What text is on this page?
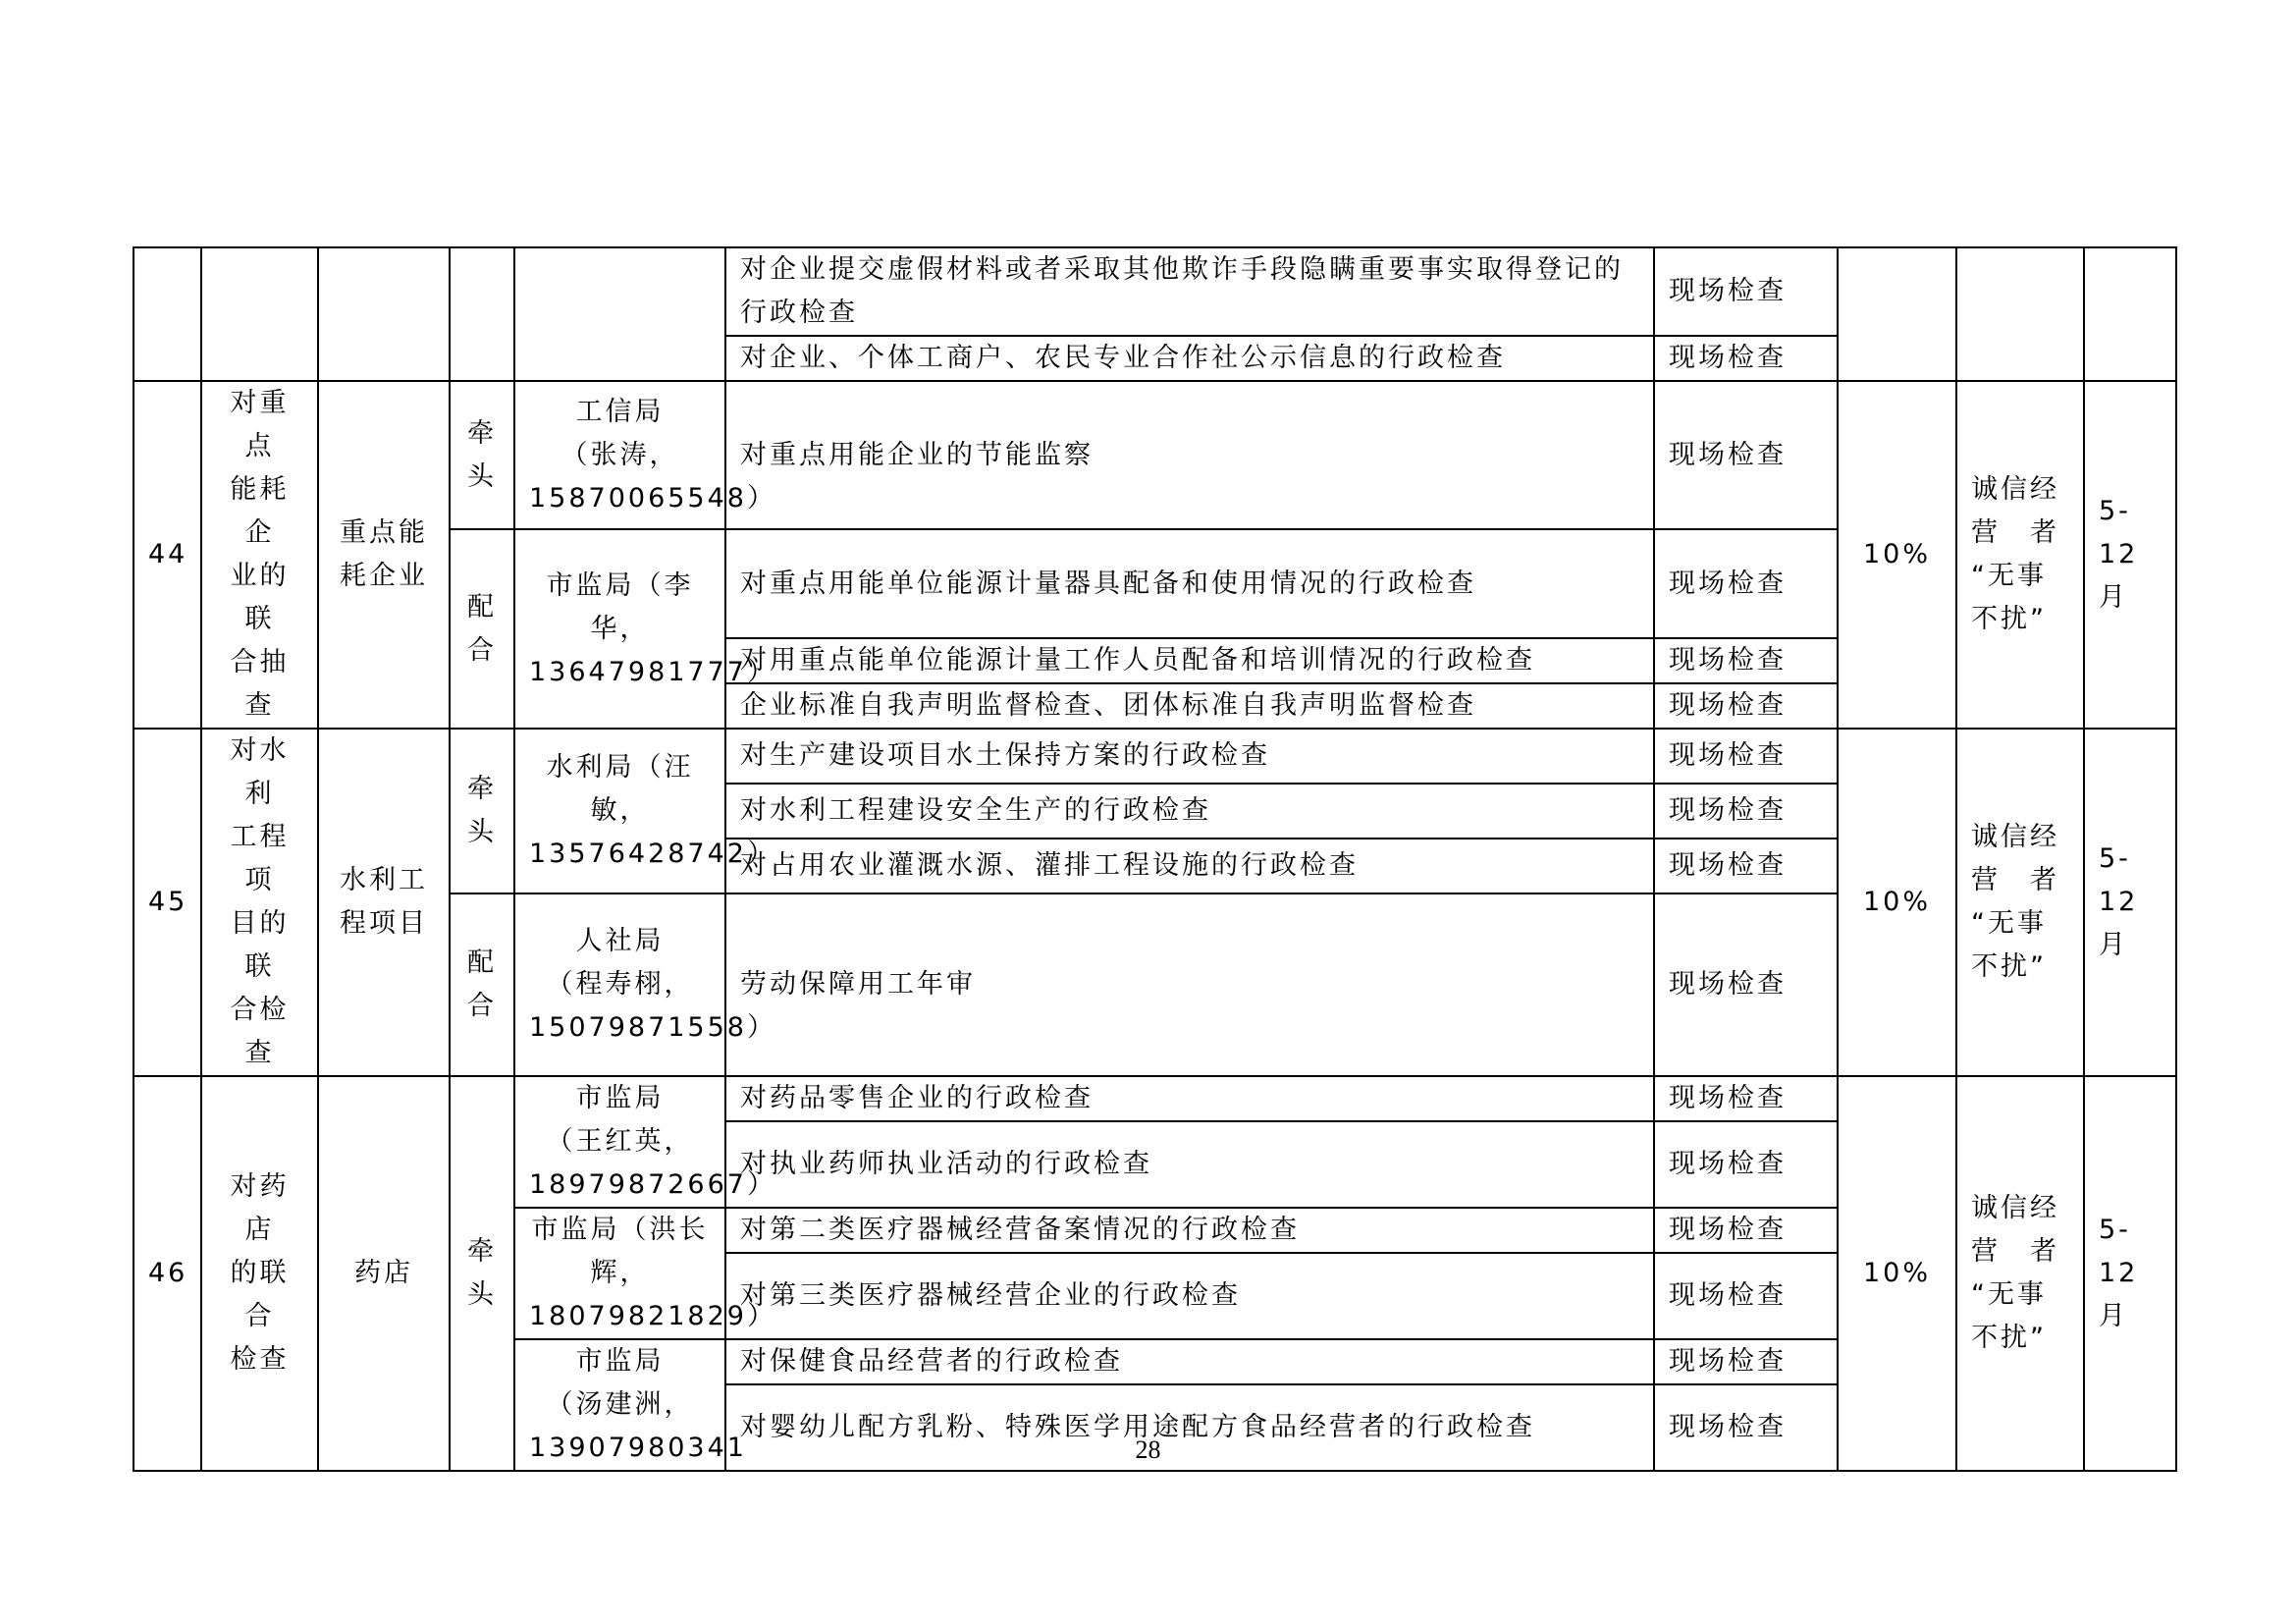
					对企业提交虚假材料或者采取其他欺诈手段隐瞒重要事实取得登记的行政检查	现场检查			
					对企业、个体工商户、农民专业合作社公示信息的行政检查	现场检查			
44	对重点
能耗企
业的联
合抽查	重点能
耗企业	牵
头	工信局
（张涛，
15870065548）	对重点用能企业的节能监察	现场检查	10%	诚信经
营　者
“无事
不扰”	5-12
月
			配
合	市监局（李华，
13647981777）	对重点用能单位能源计量器具配备和使用情况的行政检查	现场检查			
					对用重点能单位能源计量工作人员配备和培训情况的行政检查	现场检查			
					企业标准自我声明监督检查、团体标准自我声明监督检查	现场检查			
45	对水利
工程项
目的联
合检查	水利工
程项目	牵
头	水利局（汪敏，
13576428742）	对生产建设项目水土保持方案的行政检查	现场检查	10%	诚信经
营　者
“无事
不扰”	5-12
月
					对水利工程建设安全生产的行政检查	现场检查			
					对占用农业灌溉水源、灌排工程设施的行政检查	现场检查			
			配
合	人社局
（程寿栩，
15079871558）	劳动保障用工年审	现场检查			
46	对药店
的联合
检查	药店	牵
头	市监局
（王红英，
18979872667）	对药品零售企业的行政检查	现场检查	10%	诚信经
营　者
“无事
不扰”	5-12
月
					对执业药师执业活动的行政检查	现场检查			
				市监局（洪长
辉，
18079821829）	对第二类医疗器械经营备案情况的行政检查	现场检查			
					对第三类医疗器械经营企业的行政检查	现场检查			
				市监局
（汤建洲，
13907980341	对保健食品经营者的行政检查	现场检查			
					对婴幼儿配方乳粉、特殊医学用途配方食品经营者的行政检查	现场检查			
28
